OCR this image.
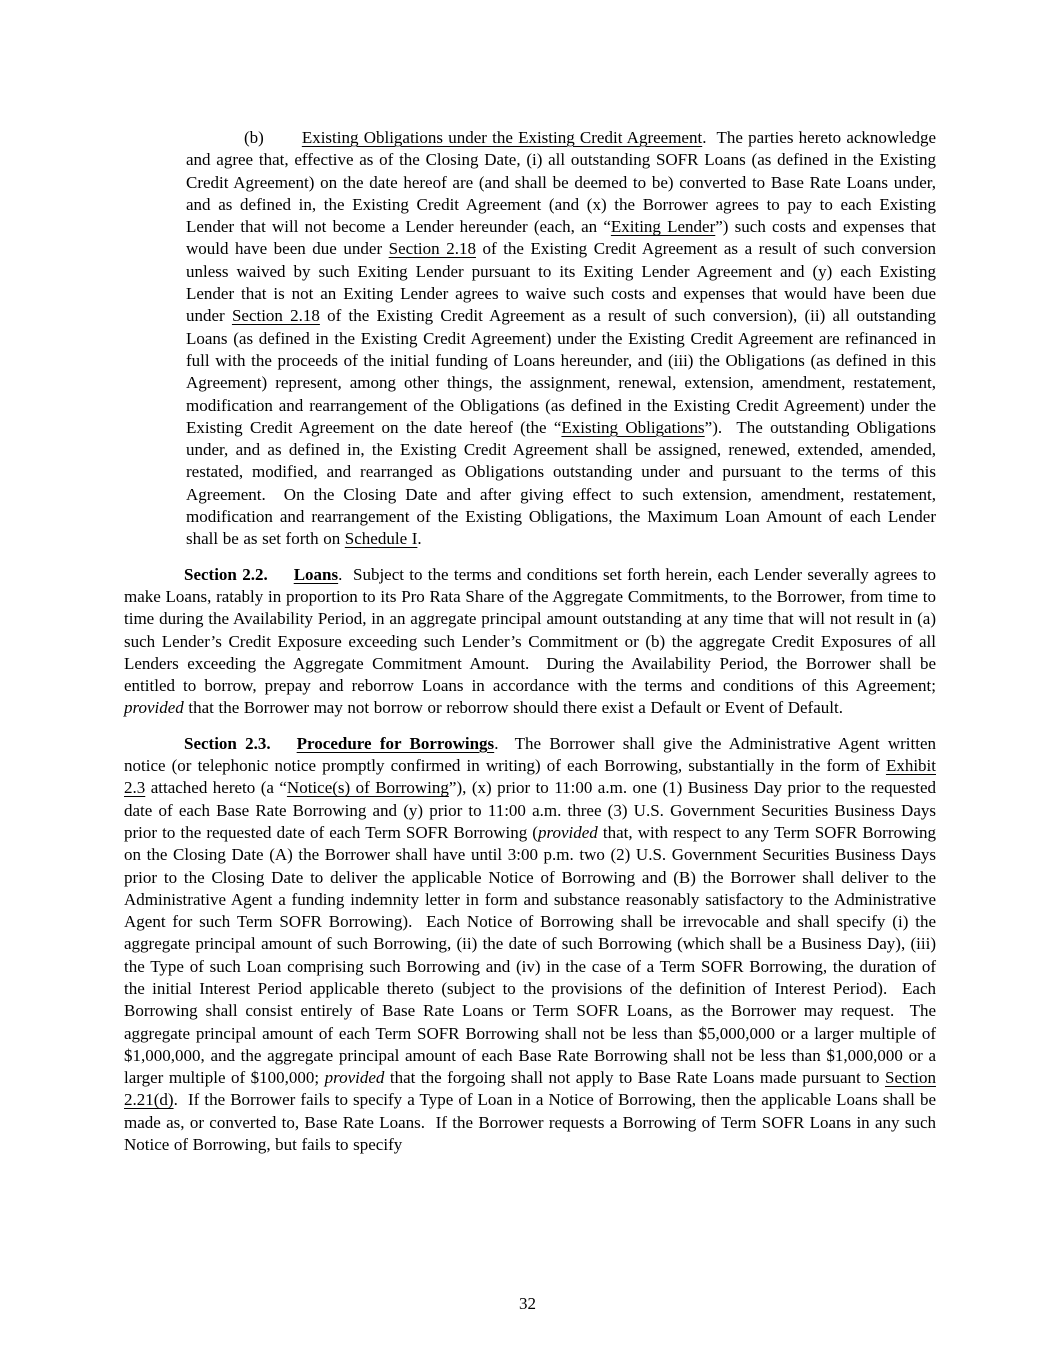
(b) Existing Obligations under the Existing Credit Agreement.  The parties hereto acknowledge and agree that, effective as of the Closing Date, (i) all outstanding SOFR Loans (as defined in the Existing Credit Agreement) on the date hereof are (and shall be deemed to be) converted to Base Rate Loans under, and as defined in, the Existing Credit Agreement (and (x) the Borrower agrees to pay to each Existing Lender that will not become a Lender hereunder (each, an “Exiting Lender”) such costs and expenses that would have been due under Section 2.18 of the Existing Credit Agreement as a result of such conversion unless waived by such Exiting Lender pursuant to its Exiting Lender Agreement and (y) each Existing Lender that is not an Exiting Lender agrees to waive such costs and expenses that would have been due under Section 2.18 of the Existing Credit Agreement as a result of such conversion), (ii) all outstanding Loans (as defined in the Existing Credit Agreement) under the Existing Credit Agreement are refinanced in full with the proceeds of the initial funding of Loans hereunder, and (iii) the Obligations (as defined in this Agreement) represent, among other things, the assignment, renewal, extension, amendment, restatement, modification and rearrangement of the Obligations (as defined in the Existing Credit Agreement) under the Existing Credit Agreement on the date hereof (the “Existing Obligations”).  The outstanding Obligations under, and as defined in, the Existing Credit Agreement shall be assigned, renewed, extended, amended, restated, modified, and rearranged as Obligations outstanding under and pursuant to the terms of this Agreement.  On the Closing Date and after giving effect to such extension, amendment, restatement, modification and rearrangement of the Existing Obligations, the Maximum Loan Amount of each Lender shall be as set forth on Schedule I.

Section 2.2. Loans.  Subject to the terms and conditions set forth herein, each Lender severally agrees to make Loans, ratably in proportion to its Pro Rata Share of the Aggregate Commitments, to the Borrower, from time to time during the Availability Period, in an aggregate principal amount outstanding at any time that will not result in (a) such Lender’s Credit Exposure exceeding such Lender’s Commitment or (b) the aggregate Credit Exposures of all Lenders exceeding the Aggregate Commitment Amount.  During the Availability Period, the Borrower shall be entitled to borrow, prepay and reborrow Loans in accordance with the terms and conditions of this Agreement; provided that the Borrower may not borrow or reborrow should there exist a Default or Event of Default.

Section 2.3. Procedure for Borrowings.  The Borrower shall give the Administrative Agent written notice (or telephonic notice promptly confirmed in writing) of each Borrowing, substantially in the form of Exhibit 2.3 attached hereto (a “Notice(s) of Borrowing”), (x) prior to 11:00 a.m. one (1) Business Day prior to the requested date of each Base Rate Borrowing and (y) prior to 11:00 a.m. three (3) U.S. Government Securities Business Days prior to the requested date of each Term SOFR Borrowing (provided that, with respect to any Term SOFR Borrowing on the Closing Date (A) the Borrower shall have until 3:00 p.m. two (2) U.S. Government Securities Business Days prior to the Closing Date to deliver the applicable Notice of Borrowing and (B) the Borrower shall deliver to the Administrative Agent a funding indemnity letter in form and substance reasonably satisfactory to the Administrative Agent for such Term SOFR Borrowing).  Each Notice of Borrowing shall be irrevocable and shall specify (i) the aggregate principal amount of such Borrowing, (ii) the date of such Borrowing (which shall be a Business Day), (iii) the Type of such Loan comprising such Borrowing and (iv) in the case of a Term SOFR Borrowing, the duration of the initial Interest Period applicable thereto (subject to the provisions of the definition of Interest Period).  Each Borrowing shall consist entirely of Base Rate Loans or Term SOFR Loans, as the Borrower may request.  The aggregate principal amount of each Term SOFR Borrowing shall not be less than $5,000,000 or a larger multiple of $1,000,000, and the aggregate principal amount of each Base Rate Borrowing shall not be less than $1,000,000 or a larger multiple of $100,000; provided that the forgoing shall not apply to Base Rate Loans made pursuant to Section 2.21(d).  If the Borrower fails to specify a Type of Loan in a Notice of Borrowing, then the applicable Loans shall be made as, or converted to, Base Rate Loans.  If the Borrower requests a Borrowing of Term SOFR Loans in any such Notice of Borrowing, but fails to specify

32
